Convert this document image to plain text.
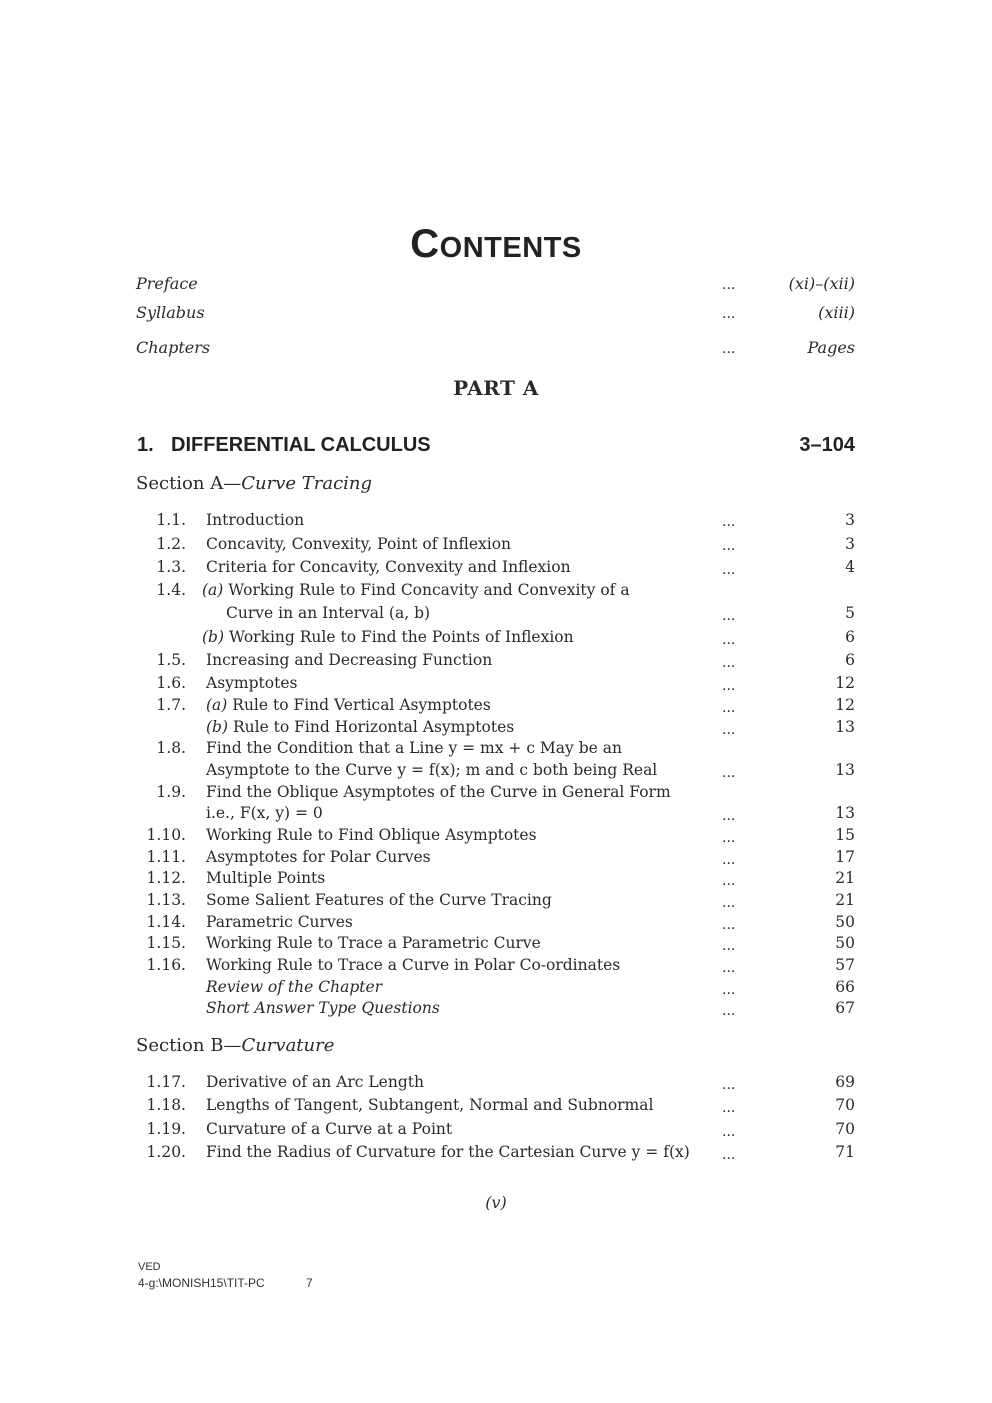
CONTENTS
Preface	...	(xi)–(xii)
Syllabus	...	(xiii)
Chapters	...	Pages
PART A
1. DIFFERENTIAL CALCULUS	3–104
Section A—Curve Tracing
1.1. Introduction	...	3
1.2. Concavity, Convexity, Point of Inflexion	...	3
1.3. Criteria for Concavity, Convexity and Inflexion	...	4
1.4. (a) Working Rule to Find Concavity and Convexity of a
Curve in an Interval (a, b)	...	5
(b) Working Rule to Find the Points of Inflexion	...	6
1.5. Increasing and Decreasing Function	...	6
1.6. Asymptotes	...	12
1.7. (a) Rule to Find Vertical Asymptotes	...	12
(b) Rule to Find Horizontal Asymptotes	...	13
1.8. Find the Condition that a Line y = mx + c May be an
Asymptote to the Curve y = f(x); m and c both being Real	...	13
1.9. Find the Oblique Asymptotes of the Curve in General Form
i.e., F(x, y) = 0	...	13
1.10. Working Rule to Find Oblique Asymptotes	...	15
1.11. Asymptotes for Polar Curves	...	17
1.12. Multiple Points	...	21
1.13. Some Salient Features of the Curve Tracing	...	21
1.14. Parametric Curves	...	50
1.15. Working Rule to Trace a Parametric Curve	...	50
1.16. Working Rule to Trace a Curve in Polar Co-ordinates	...	57
Review of the Chapter	...	66
Short Answer Type Questions	...	67
Section B—Curvature
1.17. Derivative of an Arc Length	...	69
1.18. Lengths of Tangent, Subtangent, Normal and Subnormal	...	70
1.19. Curvature of a Curve at a Point	...	70
1.20. Find the Radius of Curvature for the Cartesian Curve y = f(x) ...	71
(v)
VED
4-g:\MONISH15\TIT-PC	7
